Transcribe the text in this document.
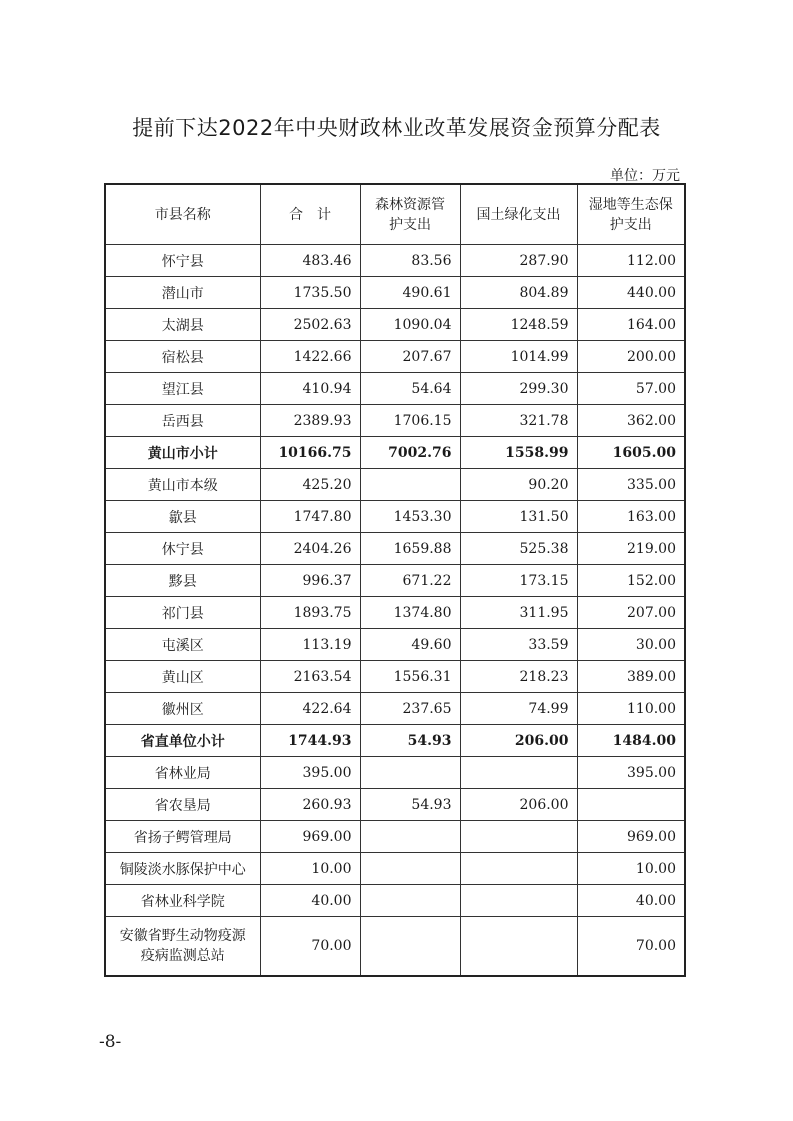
提前下达2022年中央财政林业改革发展资金预算分配表
单位：万元
市县名称	合　计	森林资源管护支出	国土绿化支出	湿地等生态保护支出
怀宁县	483.46	83.56	287.90	112.00
潜山市	1735.50	490.61	804.89	440.00
太湖县	2502.63	1090.04	1248.59	164.00
宿松县	1422.66	207.67	1014.99	200.00
望江县	410.94	54.64	299.30	57.00
岳西县	2389.93	1706.15	321.78	362.00
黄山市小计	10166.75	7002.76	1558.99	1605.00
黄山市本级	425.20		90.20	335.00
歙县	1747.80	1453.30	131.50	163.00
休宁县	2404.26	1659.88	525.38	219.00
黟县	996.37	671.22	173.15	152.00
祁门县	1893.75	1374.80	311.95	207.00
屯溪区	113.19	49.60	33.59	30.00
黄山区	2163.54	1556.31	218.23	389.00
徽州区	422.64	237.65	74.99	110.00
省直单位小计	1744.93	54.93	206.00	1484.00
省林业局	395.00			395.00
省农垦局	260.93	54.93	206.00	
省扬子鳄管理局	969.00			969.00
铜陵淡水豚保护中心	10.00			10.00
省林业科学院	40.00			40.00
安徽省野生动物疫源疫病监测总站	70.00			70.00
-8-
